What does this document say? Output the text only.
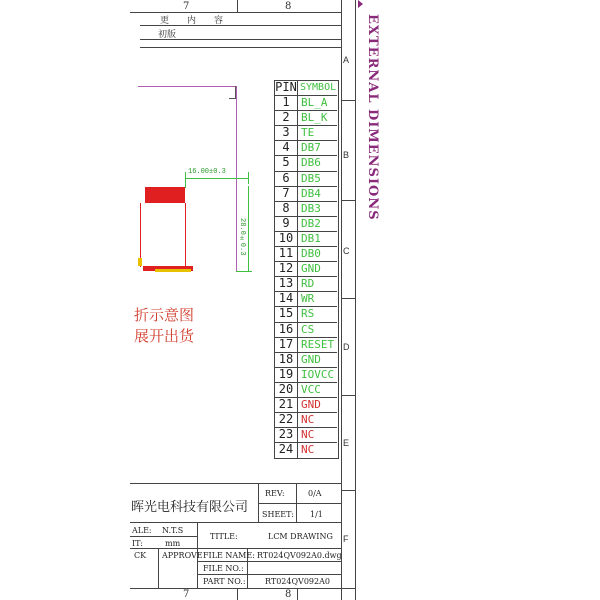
7	8
更　　内　　容
初版
7	8
A
B
C
D
E
F
EXTERNAL DIMENSIONS
16.00±0.3
28.0±0.3
折示意图
展开出货
PIN SYMBOL
1	BL_A
2	BL_K
3	TE
4	DB7
5	DB6
6	DB5
7	DB4
8	DB3
9	DB2
10 DB1
11 DB0
12 GND
13 RD
14 WR
15 RS
16 CS
17 RESET
18 GND
19 IOVCC
20 VCC
21 GND
22 NC
23 NC
24 NC
晖光电科技有限公司
REV:	0/A
SHEET: 1/1
ALE: N.T.S
IT:	mm
TITLE:	LCM DRAWING
CK APPROVE FILE NAME: RT024QV092A0.dwg
FILE NO.:
PART NO.: RT024QV092A0
